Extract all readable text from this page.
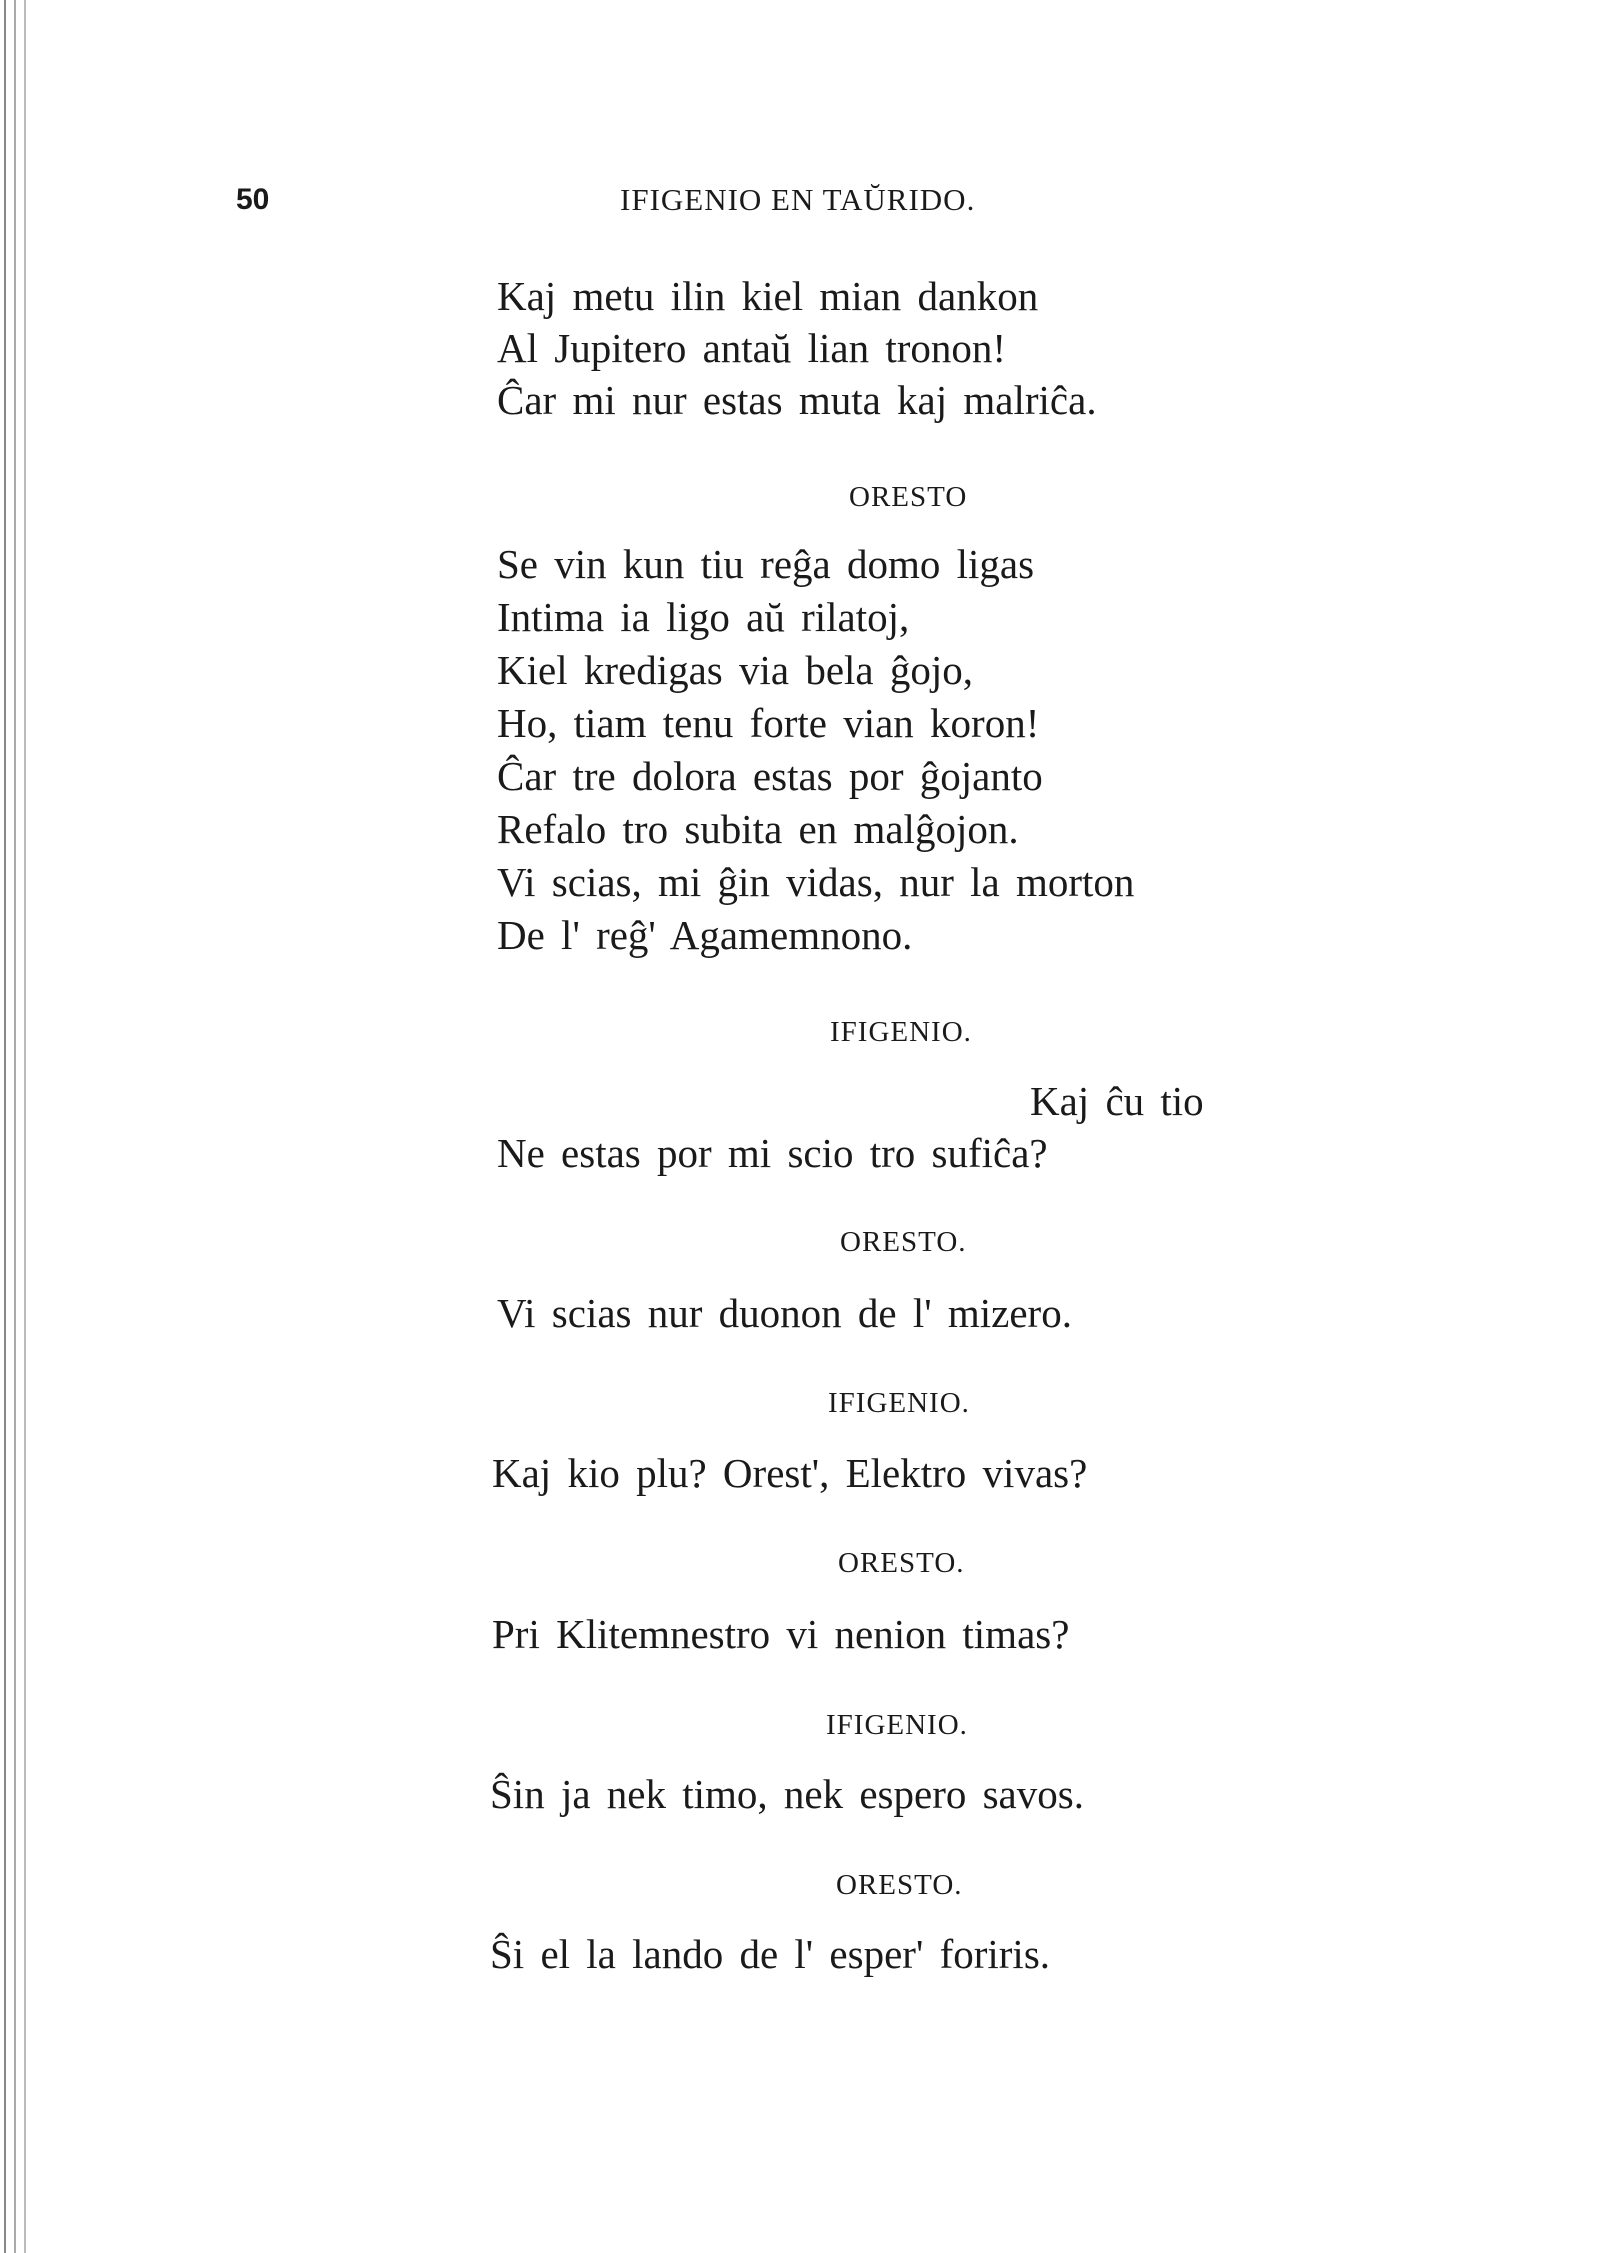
50	IFIGENIO EN TAŬRIDO.
Kaj metu ilin kiel mian dankon
Al Jupitero antaŭ lian tronon!
Ĉar mi nur estas muta kaj malriĉa.
ORESTO
Se vin kun tiu reĝa domo ligas
Intima ia ligo aŭ rilatoj,
Kiel kredigas via bela ĝojo,
Ho, tiam tenu forte vian koron!
Ĉar tre dolora estas por ĝojanto
Refalo tro subita en malĝojon.
Vi scias, mi ĝin vidas, nur la morton
De l' reĝ' Agamemnono.
IFIGENIO.
Kaj ĉu tio
Ne estas por mi scio tro sufiĉa?
ORESTO.
Vi scias nur duonon de l' mizero.
IFIGENIO.
Kaj kio plu? Orest', Elektro vivas?
ORESTO.
Pri Klitemnestro vi nenion timas?
IFIGENIO.
Ŝin ja nek timo, nek espero savos.
ORESTO.
Ŝi el la lando de l' esper' foriris.
